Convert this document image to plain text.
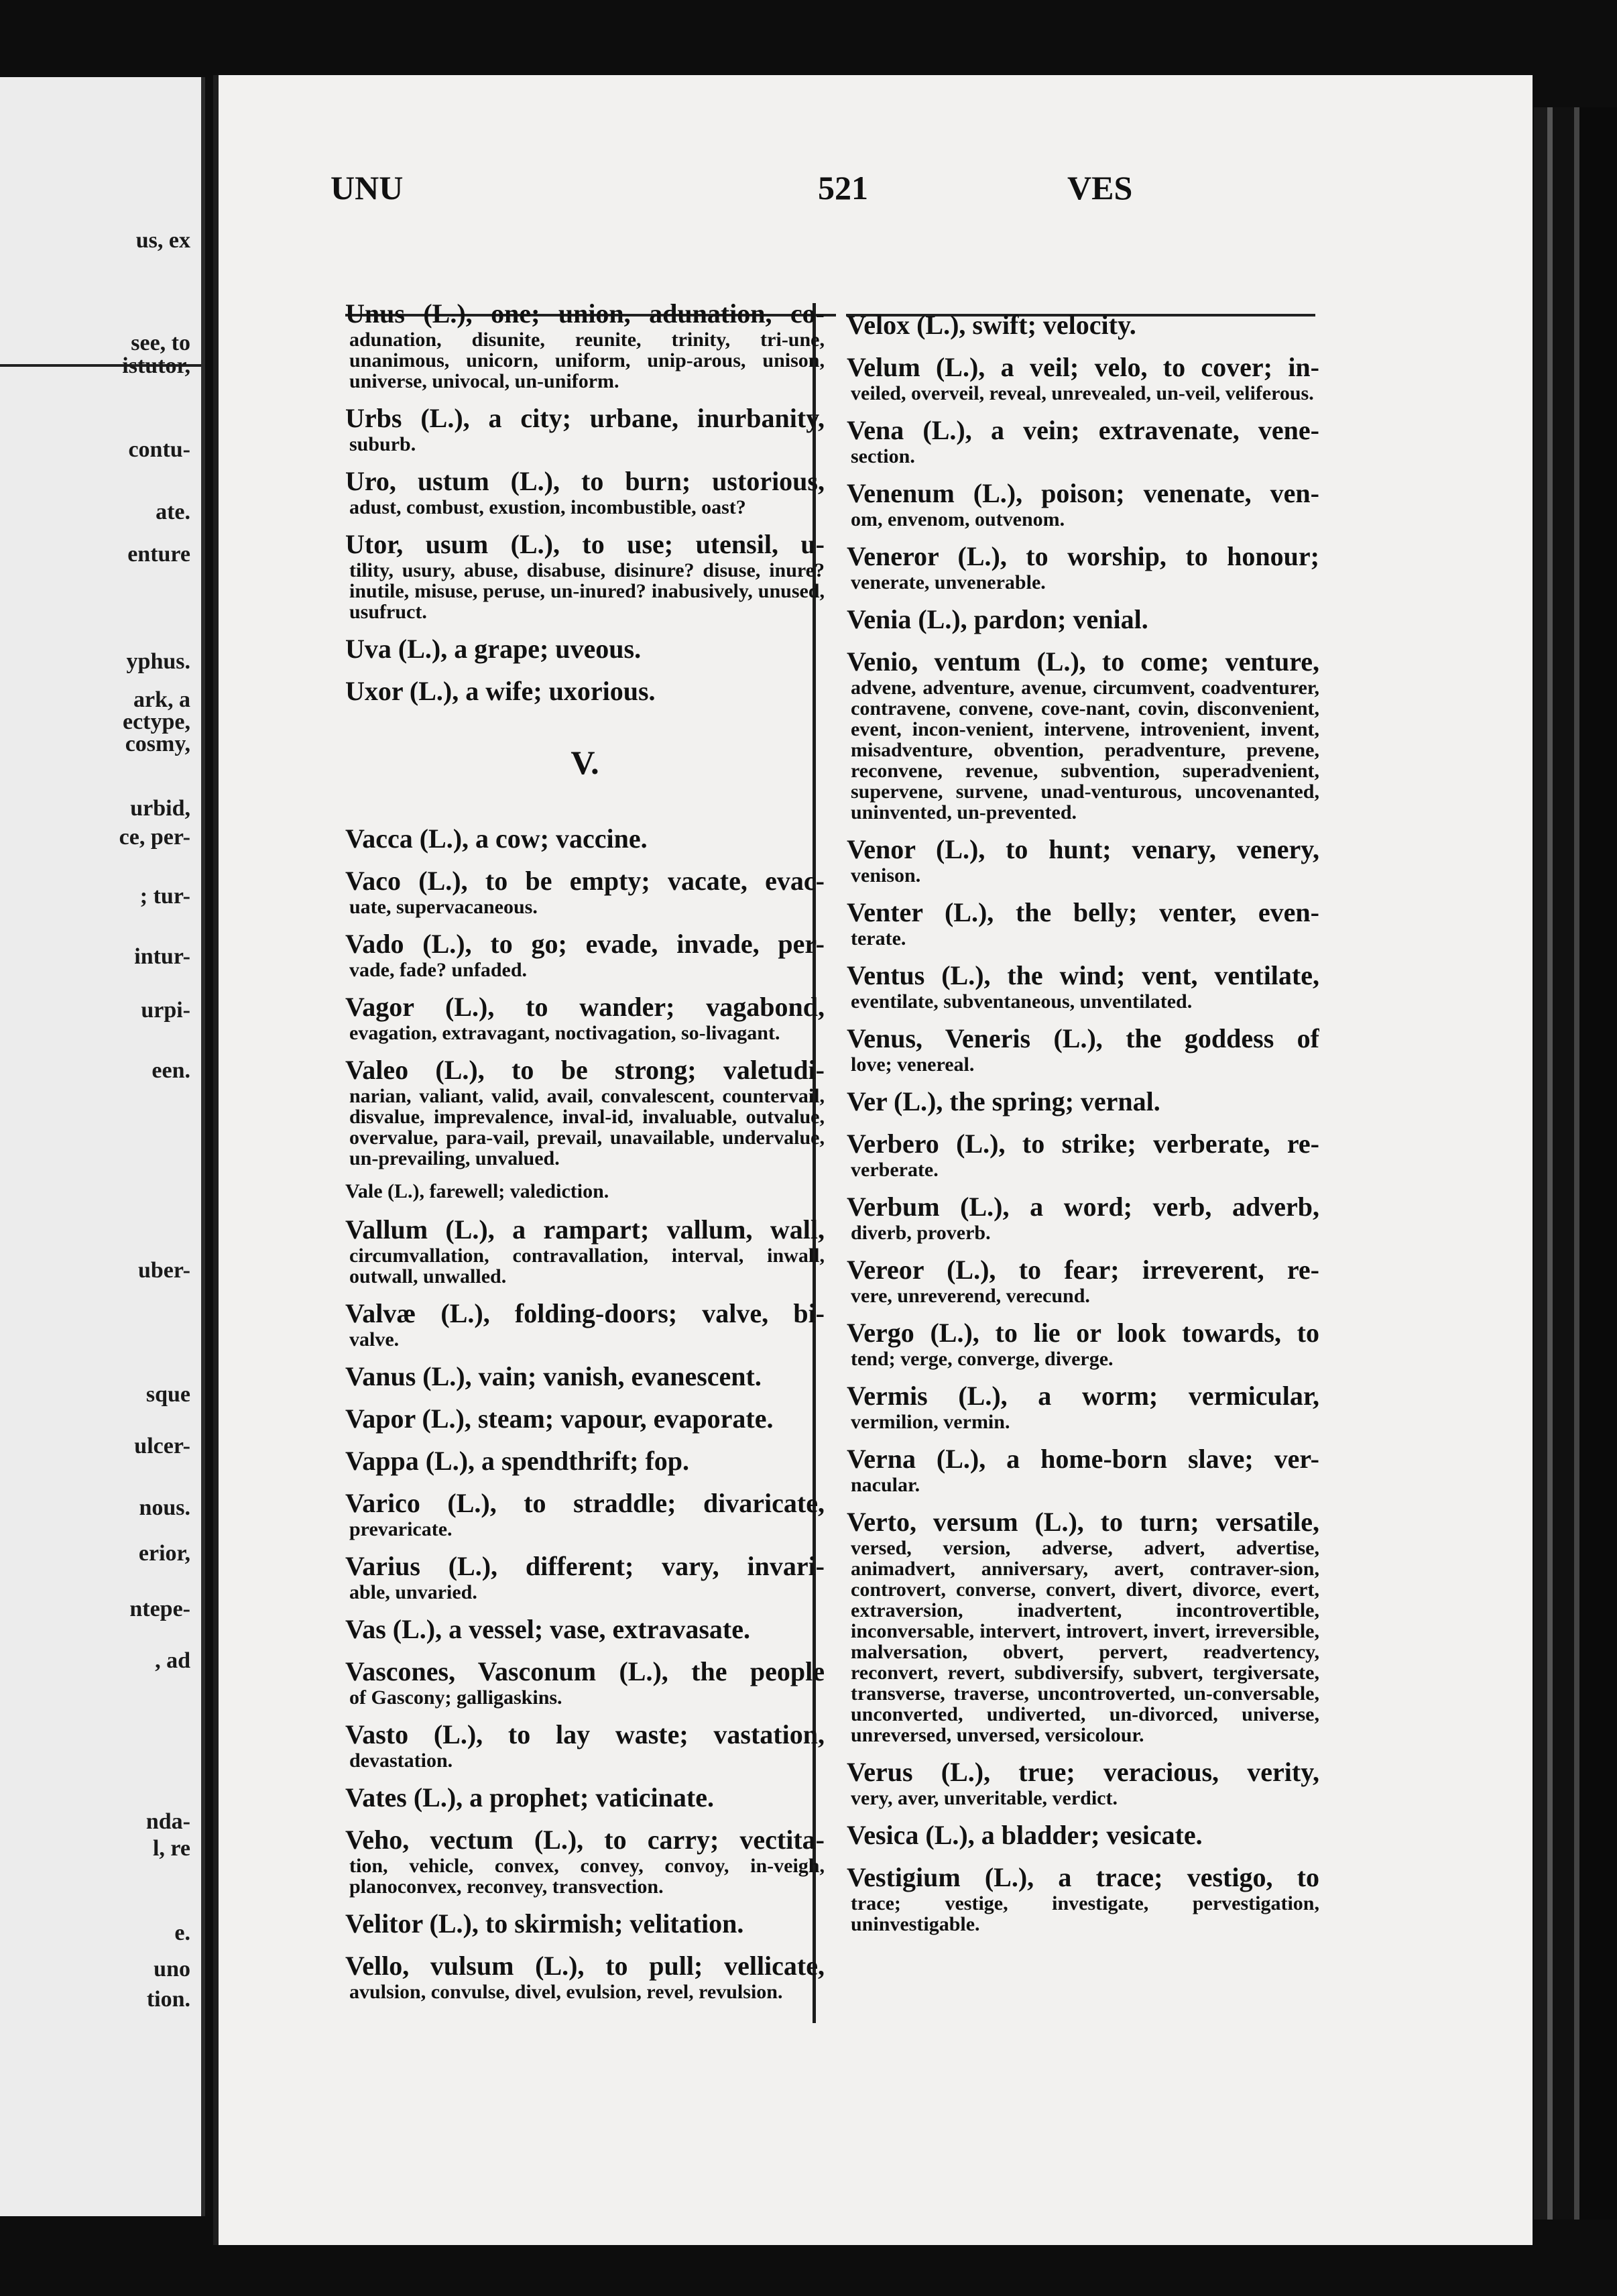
us, ex
see, to
istutor,
contu-
ate.
enture
yphus.
ark, a
ectype,
cosmy,
urbid,
ce, per-
; tur-
intur-
urpi-
een.
uber-
sque
ulcer-
nous.
erior,
ntepe-
, ad
nda-
l, re
e.
uno
tion.
UNU	521	VES
Unus (L.), one; union, adunation, co-
adunation, disunite, reunite, trinity, tri-une, unanimous, unicorn, uniform, unip-arous, unison, universe, univocal, un-uniform.
Urbs (L.), a city; urbane, inurbanity,
suburb.
Uro, ustum (L.), to burn; ustorious,
adust, combust, exustion, incombustible, oast?
Utor, usum (L.), to use; utensil, u-
tility, usury, abuse, disabuse, disinure? disuse, inure? inutile, misuse, peruse, un-inured? inabusively, unused, usufruct.
Uva (L.), a grape; uveous.
Uxor (L.), a wife; uxorious.
V.
Vacca (L.), a cow; vaccine.
Vaco (L.), to be empty; vacate, evac-
uate, supervacaneous.
Vado (L.), to go; evade, invade, per-
vade, fade? unfaded.
Vagor (L.), to wander; vagabond,
evagation, extravagant, noctivagation, so-livagant.
Valeo (L.), to be strong; valetudi-
narian, valiant, valid, avail, convalescent, countervail, disvalue, imprevalence, inval-id, invaluable, outvalue, overvalue, para-vail, prevail, unavailable, undervalue, un-prevailing, unvalued.
Vale (L.), farewell; valediction.
Vallum (L.), a rampart; vallum, wall,
circumvallation, contravallation, interval, inwall, outwall, unwalled.
Valvæ (L.), folding-doors; valve, bi-
valve.
Vanus (L.), vain; vanish, evanescent.
Vapor (L.), steam; vapour, evaporate.
Vappa (L.), a spendthrift; fop.
Varico (L.), to straddle; divaricate,
prevaricate.
Varius (L.), different; vary, invari-
able, unvaried.
Vas (L.), a vessel; vase, extravasate.
Vascones, Vasconum (L.), the people
of Gascony; galligaskins.
Vasto (L.), to lay waste; vastation,
devastation.
Vates (L.), a prophet; vaticinate.
Veho, vectum (L.), to carry; vectita-
tion, vehicle, convex, convey, convoy, in-veigh, planoconvex, reconvey, transvection.
Velitor (L.), to skirmish; velitation.
Vello, vulsum (L.), to pull; vellicate,
avulsion, convulse, divel, evulsion, revel, revulsion.
Velox (L.), swift; velocity.
Velum (L.), a veil; velo, to cover; in-
veiled, overveil, reveal, unrevealed, un-veil, veliferous.
Vena (L.), a vein; extravenate, vene-
section.
Venenum (L.), poison; venenate, ven-
om, envenom, outvenom.
Veneror (L.), to worship, to honour;
venerate, unvenerable.
Venia (L.), pardon; venial.
Venio, ventum (L.), to come; venture,
advene, adventure, avenue, circumvent, coadventurer, contravene, convene, cove-nant, covin, disconvenient, event, incon-venient, intervene, introvenient, invent, misadventure, obvention, peradventure, prevene, reconvene, revenue, subvention, superadvenient, supervene, survene, unad-venturous, uncovenanted, uninvented, un-prevented.
Venor (L.), to hunt; venary, venery,
venison.
Venter (L.), the belly; venter, even-
terate.
Ventus (L.), the wind; vent, ventilate,
eventilate, subventaneous, unventilated.
Venus, Veneris (L.), the goddess of
love; venereal.
Ver (L.), the spring; vernal.
Verbero (L.), to strike; verberate, re-
verberate.
Verbum (L.), a word; verb, adverb,
diverb, proverb.
Vereor (L.), to fear; irreverent, re-
vere, unreverend, verecund.
Vergo (L.), to lie or look towards, to
tend; verge, converge, diverge.
Vermis (L.), a worm; vermicular,
vermilion, vermin.
Verna (L.), a home-born slave; ver-
nacular.
Verto, versum (L.), to turn; versatile,
versed, version, adverse, advert, advertise, animadvert, anniversary, avert, contraver-sion, controvert, converse, convert, divert, divorce, evert, extraversion, inadvertent, incontrovertible, inconversable, intervert, introvert, invert, irreversible, malversation, obvert, pervert, readvertency, reconvert, revert, subdiversify, subvert, tergiversate, transverse, traverse, uncontroverted, un-conversable, unconverted, undiverted, un-divorced, universe, unreversed, unversed, versicolour.
Verus (L.), true; veracious, verity,
very, aver, unveritable, verdict.
Vesica (L.), a bladder; vesicate.
Vestigium (L.), a trace; vestigo, to
trace; vestige, investigate, pervestigation, uninvestigable.
